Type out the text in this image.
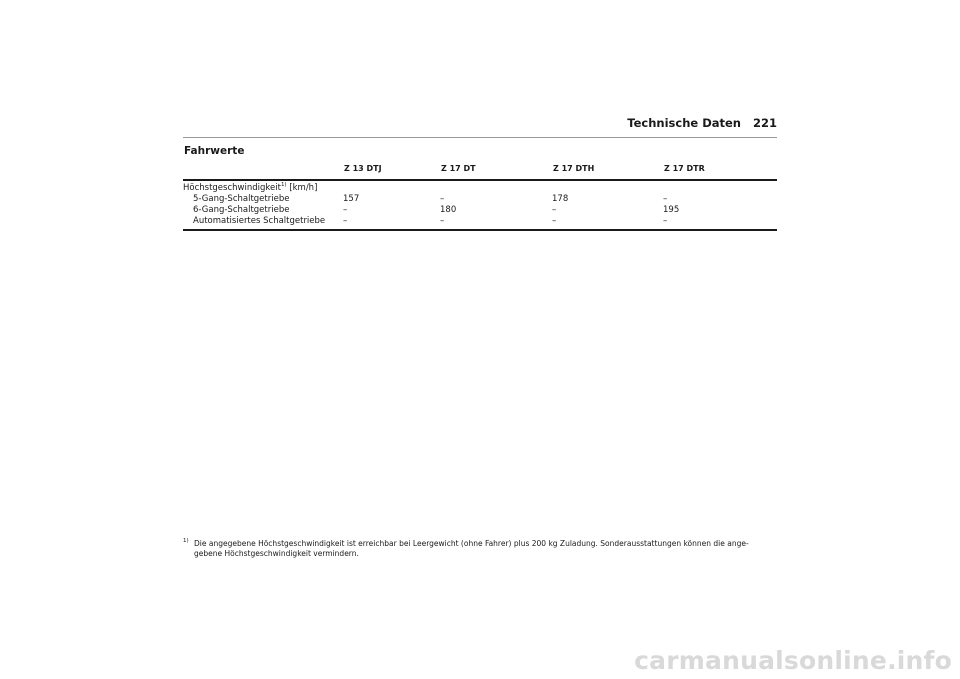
Technische Daten 221
Fahrwerte
Z 13 DTJ	Z 17 DT	Z 17 DTH	Z 17 DTR
Höchstgeschwindigkeit$^{1)}$ [km/h]
5-Gang-Schaltgetriebe	157	–	178	–
6-Gang-Schaltgetriebe	–	180	–	195
Automatisiertes Schaltgetriebe –	–	–	–
1) Die angegebene Höchstgeschwindigkeit ist erreichbar bei Leergewicht (ohne Fahrer) plus 200 kg Zuladung. Sonderausstattungen können die angegebene Höchstgeschwindigkeit vermindern.
carmanualsonline.info
